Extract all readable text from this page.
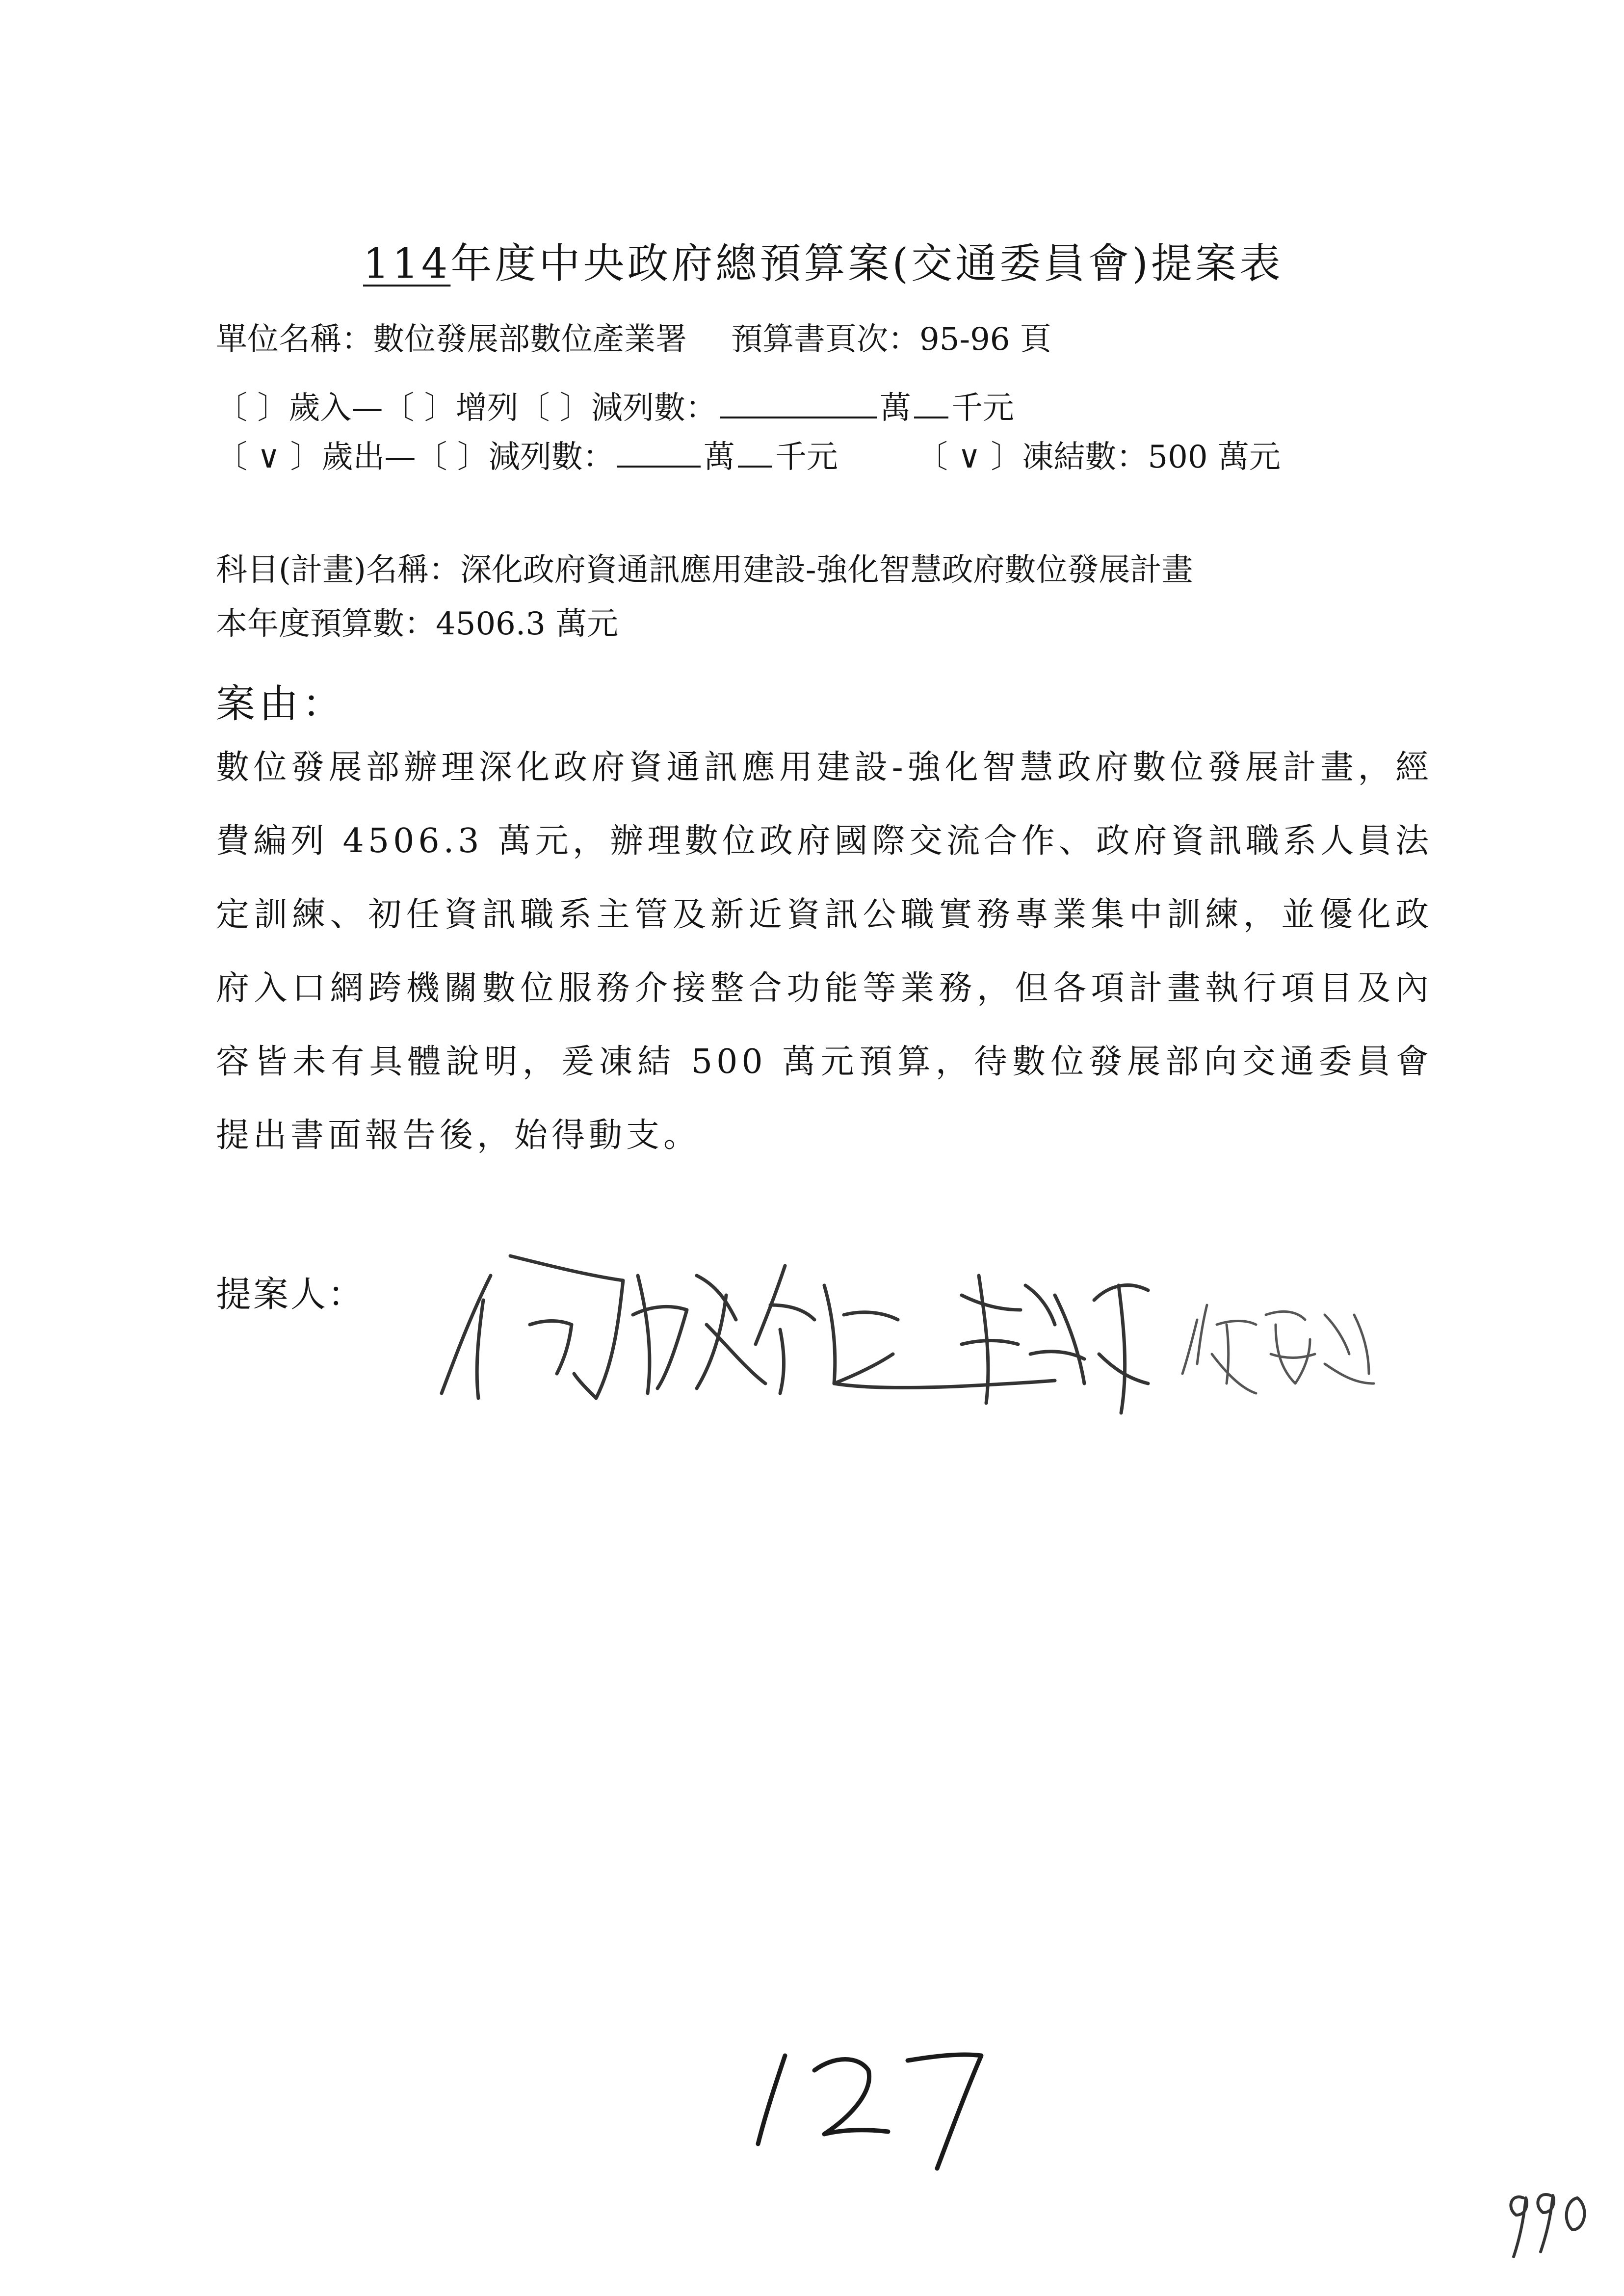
114年度中央政府總預算案(交通委員會)提案表
單位名稱：數位發展部數位產業署 預算書頁次：95-96 頁
〔 〕歲入—〔 〕增列〔 〕減列數：	萬 千元
〔 ∨ 〕歲出—〔 〕減列數：	萬 千元	〔 ∨ 〕凍結數：500 萬元
科目(計畫)名稱：深化政府資通訊應用建設-強化智慧政府數位發展計畫
本年度預算數：4506.3 萬元
案由：
數位發展部辦理深化政府資通訊應用建設-強化智慧政府數位發展計畫，經費編列 4506.3 萬元，辦理數位政府國際交流合作、政府資訊職系人員法定訓練、初任資訊職系主管及新近資訊公職實務專業集中訓練，並優化政府入口網跨機關數位服務介接整合功能等業務，但各項計畫執行項目及內容皆未有具體說明，爰凍結 500 萬元預算，待數位發展部向交通委員會提出書面報告後，始得動支。
提案人：
